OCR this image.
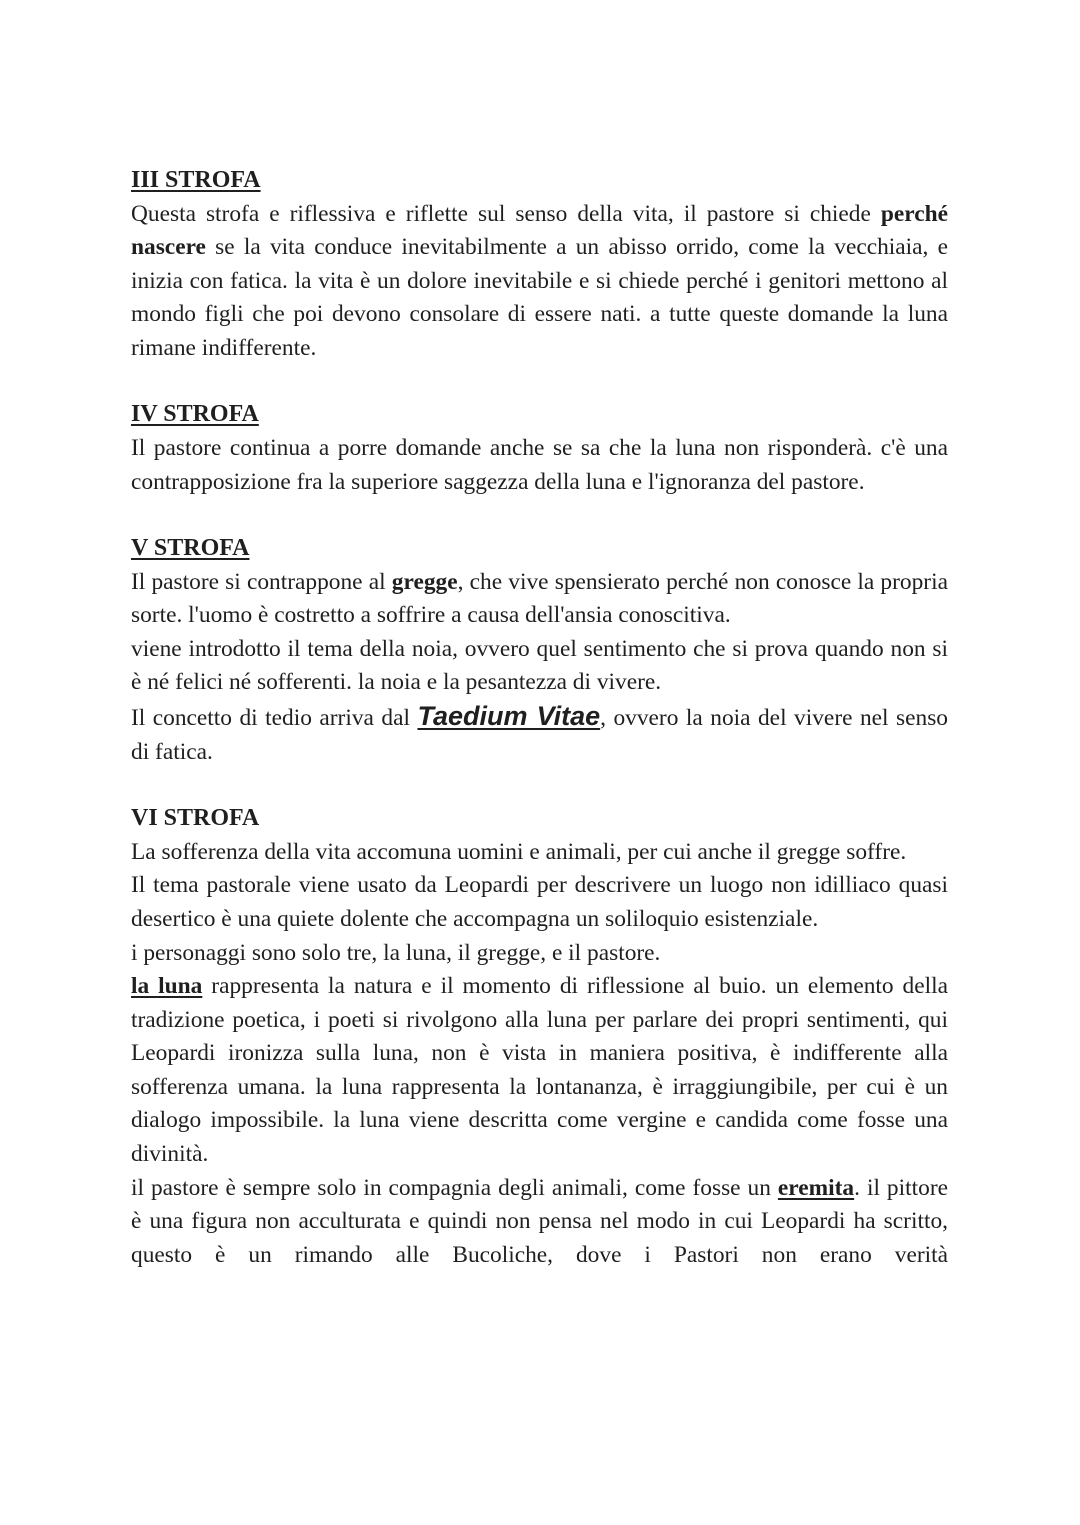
III STROFA

Questa strofa e riflessiva e riflette sul senso della vita, il pastore si chiede perché nascere se la vita conduce inevitabilmente a un abisso orrido, come la vecchiaia, e inizia con fatica. la vita è un dolore inevitabile e si chiede perché i genitori mettono al mondo figli che poi devono consolare di essere nati. a tutte queste domande la luna rimane indifferente.

IV STROFA

Il pastore continua a porre domande anche se sa che la luna non risponderà. c'è una contrapposizione fra la superiore saggezza della luna e l'ignoranza del pastore.

V STROFA

Il pastore si contrappone al gregge, che vive spensierato perché non conosce la propria sorte. l'uomo è costretto a soffrire a causa dell'ansia conoscitiva.

viene introdotto il tema della noia, ovvero quel sentimento che si prova quando non si è né felici né sofferenti. la noia e la pesantezza di vivere.

Il concetto di tedio arriva dal Taedium Vitae, ovvero la noia del vivere nel senso di fatica.

VI STROFA

La sofferenza della vita accomuna uomini e animali, per cui anche il gregge soffre.

Il tema pastorale viene usato da Leopardi per descrivere un luogo non idilliaco quasi desertico è una quiete dolente che accompagna un soliloquio esistenziale.

i personaggi sono solo tre, la luna, il gregge, e il pastore.

la luna rappresenta la natura e il momento di riflessione al buio. un elemento della tradizione poetica, i poeti si rivolgono alla luna per parlare dei propri sentimenti, qui Leopardi ironizza sulla luna, non è vista in maniera positiva, è indifferente alla sofferenza umana. la luna rappresenta la lontananza, è irraggiungibile, per cui è un dialogo impossibile. la luna viene descritta come vergine e candida come fosse una divinità.

il pastore è sempre solo in compagnia degli animali, come fosse un eremita. il pittore è una figura non acculturata e quindi non pensa nel modo in cui Leopardi ha scritto, questo è un rimando alle Bucoliche, dove i Pastori non erano verità
